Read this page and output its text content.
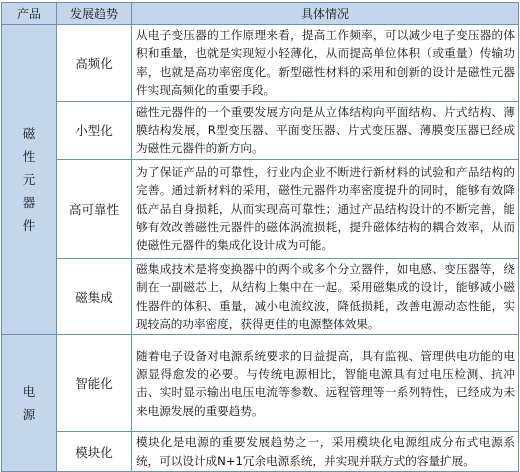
产品	发展趋势	具体情况
磁性元器件	高频化	从电子变压器的工作原理来看，提高工作频率，可以减少电子变压器的体积和重量，也就是实现短小轻薄化，从而提高单位体积（或重量）传输功率，也就是高功率密度化。新型磁性材料的采用和创新的设计是磁性元器件实现高频化的重要手段。
	小型化	磁性元器件的一个重要发展方向是从立体结构向平面结构、片式结构、薄膜结构发展，R型变压器、平面变压器、片式变压器、薄膜变压器已经成为磁性元器件的新方向。
	高可靠性	为了保证产品的可靠性，行业内企业不断进行新材料的试验和产品结构的完善。通过新材料的采用，磁性元器件功率密度提升的同时，能够有效降低产品自身损耗，从而实现高可靠性；通过产品结构设计的不断完善，能够有效改善磁性元器件的磁体涡流损耗，提升磁体结构的耦合效率，从而使磁性元器件的集成化设计成为可能。
	磁集成	磁集成技术是将变换器中的两个或多个分立器件，如电感、变压器等，绕制在一副磁芯上，从结构上集中在一起。采用磁集成的设计，能够减小磁性器件的体积、重量，减小电流纹波，降低损耗，改善电源动态性能，实现较高的功率密度，获得更佳的电源整体效果。
电源	智能化	随着电子设备对电源系统要求的日益提高，具有监视、管理供电功能的电源显得愈发的必要。与传统电源相比，智能电源具有过电压检测、抗冲击、实时显示输出电压电流等参数、远程管理等一系列特性，已经成为未来电源发展的重要趋势。
	模块化	模块化是电源的重要发展趋势之一，采用模块化电源组成分布式电源系统，可以设计成N+1冗余电源系统，并实现并联方式的容量扩展。
